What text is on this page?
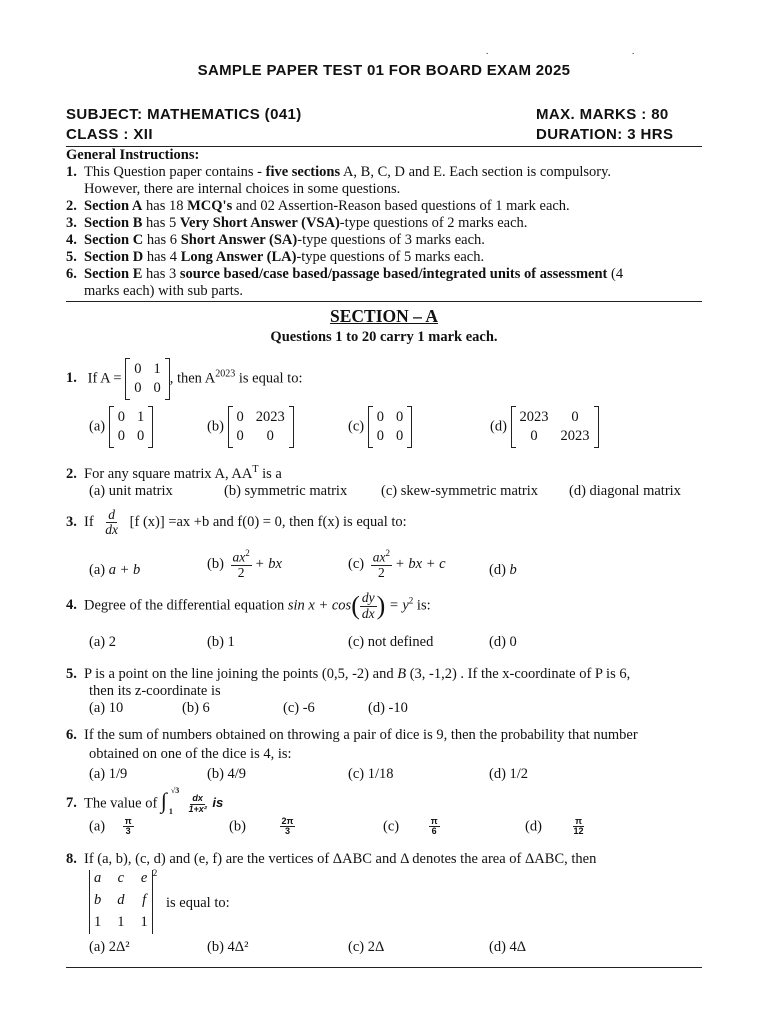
.	.
SAMPLE PAPER TEST 01 FOR BOARD EXAM 2025
SUBJECT: MATHEMATICS (041)	MAX. MARKS : 80
CLASS : XII	DURATION: 3 HRS
General Instructions:
1. This Question paper contains - five sections A, B, C, D and E. Each section is compulsory.
However, there are internal choices in some questions.
2. Section A has 18 MCQ's and 02 Assertion-Reason based questions of 1 mark each.
3. Section B has 5 Very Short Answer (VSA)-type questions of 2 marks each.
4. Section C has 6 Short Answer (SA)-type questions of 3 marks each.
5. Section D has 4 Long Answer (LA)-type questions of 5 marks each.
6. Section E has 3 source based/case based/passage based/integrated units of assessment (4
marks each) with sub parts.
SECTION – A
Questions 1 to 20 carry 1 mark each.
1. If A =
0 1
0 0
, then $A^{2023}$ is equal to:
(a)
0 1
0 0
(b)
0 2023
0	0
(c)
0 0
0 0
(d)
2023	0
0	2023
2. For any square matrix A, $AA^T$ is a
(a) unit matrix	(b) symmetric matrix (c) skew-symmetric matrix (d) diagonal matrix
3. If $\frac{d}{dx} [f$ (x)] =ax +b and f(0) = 0, then f(x) is equal to:
(a) a + b	$(b) \frac{ax^2}{2}$ + bx	$(c) \frac{ax^2}{2}$ + bx + c	(d) b
4. Degree of the differential equation $\sin x + \cos( \frac{dy}{dx}$ ) = $y^2$ is:
(a) 2	(b) 1	(c) not defined	(d) 0
5. P is a point on the line joining the points (0,5, -2) and B (3, -1,2) . If the x-coordinate of P is 6,
then its z-coordinate is
(a) 10	(b) 6	(c) -6	(d) -10
6. If the sum of numbers obtained on throwing a pair of dice is 9, then the probability that number
obtained on one of the dice is 4, is:
(a) 1/9	(b) 4/9	(c) 1/18	(d) 1/2
7. The value of ∫ √3
1
$\frac{dx}{\text{1+x²}}$ is
$(a) \frac{\pi}{3}$	(b)	$\frac{2\pi}{3}$	(c)	$\frac{\pi}{6}$	(d)	$\frac{\pi}{12}$
8. If (a, b), (c, d) and (e, f) are the vertices of ΔABC and Δ denotes the area of ΔABC, then
a c e
b d f
1 1 1
$^2$
is equal to:
(a) 2Δ²	(b) 4Δ²	(c) 2Δ	(d) 4Δ
